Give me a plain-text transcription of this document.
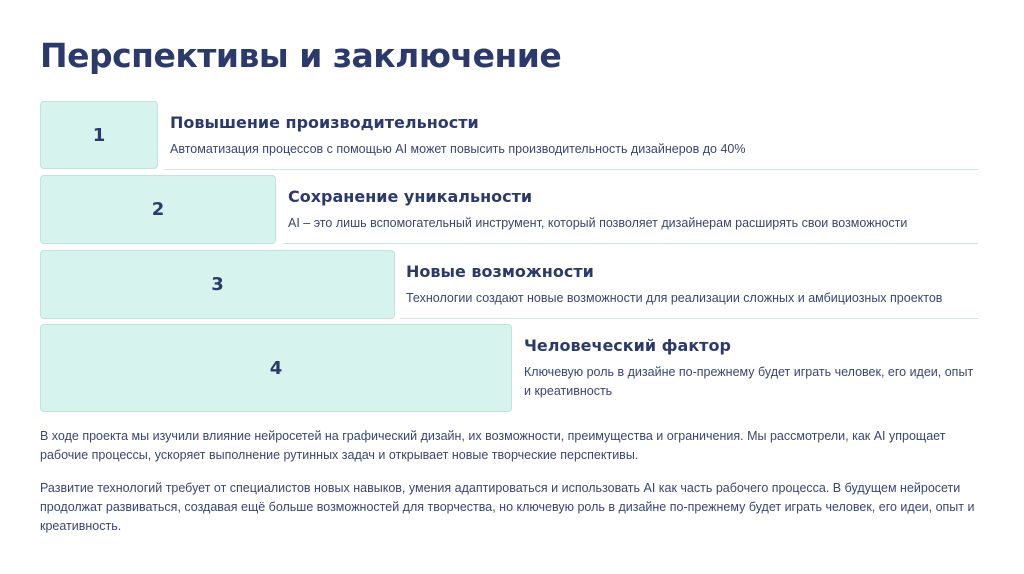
Перспективы и заключение
1
Повышение производительности
Автоматизация процессов с помощью AI может повысить производительность дизайнеров до 40%
2
Сохранение уникальности
AI – это лишь вспомогательный инструмент, который позволяет дизайнерам расширять свои возможности
3
Новые возможности
Технологии создают новые возможности для реализации сложных и амбициозных проектов
4
Человеческий фактор
Ключевую роль в дизайне по-прежнему будет играть человек, его идеи, опыт и креативность

В ходе проекта мы изучили влияние нейросетей на графический дизайн, их возможности, преимущества и ограничения. Мы рассмотрели, как AI упрощает рабочие процессы, ускоряет выполнение рутинных задач и открывает новые творческие перспективы.

Развитие технологий требует от специалистов новых навыков, умения адаптироваться и использовать AI как часть рабочего процесса. В будущем нейросети продолжат развиваться, создавая ещё больше возможностей для творчества, но ключевую роль в дизайне по-прежнему будет играть человек, его идеи, опыт и креативность.
